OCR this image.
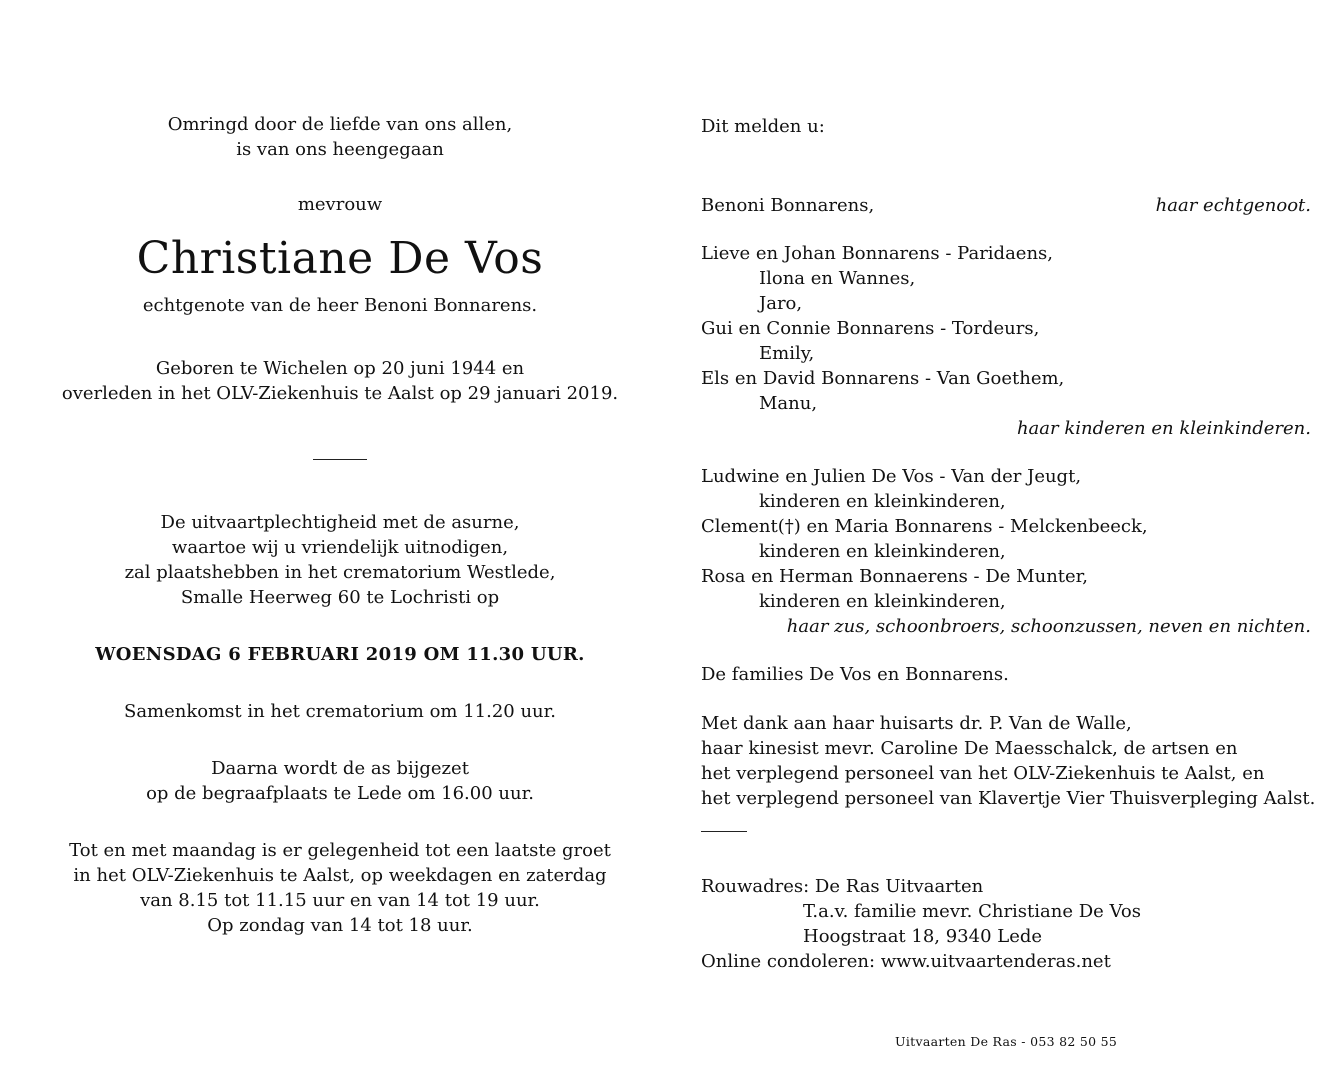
Omringd door de liefde van ons allen,
is van ons heengegaan
mevrouw
Christiane De Vos
echtgenote van de heer Benoni Bonnarens.
Geboren te Wichelen op 20 juni 1944 en
overleden in het OLV-Ziekenhuis te Aalst op 29 januari 2019.
De uitvaartplechtigheid met de asurne,
waartoe wij u vriendelijk uitnodigen,
zal plaatshebben in het crematorium Westlede,
Smalle Heerweg 60 te Lochristi op
WOENSDAG 6 FEBRUARI 2019 OM 11.30 UUR.
Samenkomst in het crematorium om 11.20 uur.
Daarna wordt de as bijgezet
op de begraafplaats te Lede om 16.00 uur.
Tot en met maandag is er gelegenheid tot een laatste groet
in het OLV-Ziekenhuis te Aalst, op weekdagen en zaterdag
van 8.15 tot 11.15 uur en van 14 tot 19 uur.
Op zondag van 14 tot 18 uur.
Dit melden u:
Benoni Bonnarens,	haar echtgenoot.
Lieve en Johan Bonnarens - Paridaens,
Ilona en Wannes,
Jaro,
Gui en Connie Bonnarens - Tordeurs,
Emily,
Els en David Bonnarens - Van Goethem,
Manu,
haar kinderen en kleinkinderen.
Ludwine en Julien De Vos - Van der Jeugt,
kinderen en kleinkinderen,
Clement(†) en Maria Bonnarens - Melckenbeeck,
kinderen en kleinkinderen,
Rosa en Herman Bonnaerens - De Munter,
kinderen en kleinkinderen,
haar zus, schoonbroers, schoonzussen, neven en nichten.
De families De Vos en Bonnarens.
Met dank aan haar huisarts dr. P. Van de Walle,
haar kinesist mevr. Caroline De Maesschalck, de artsen en
het verplegend personeel van het OLV-Ziekenhuis te Aalst, en
het verplegend personeel van Klavertje Vier Thuisverpleging Aalst.
Rouwadres: De Ras Uitvaarten
T.a.v. familie mevr. Christiane De Vos
Hoogstraat 18, 9340 Lede
Online condoleren: www.uitvaartenderas.net
Uitvaarten De Ras - 053 82 50 55
